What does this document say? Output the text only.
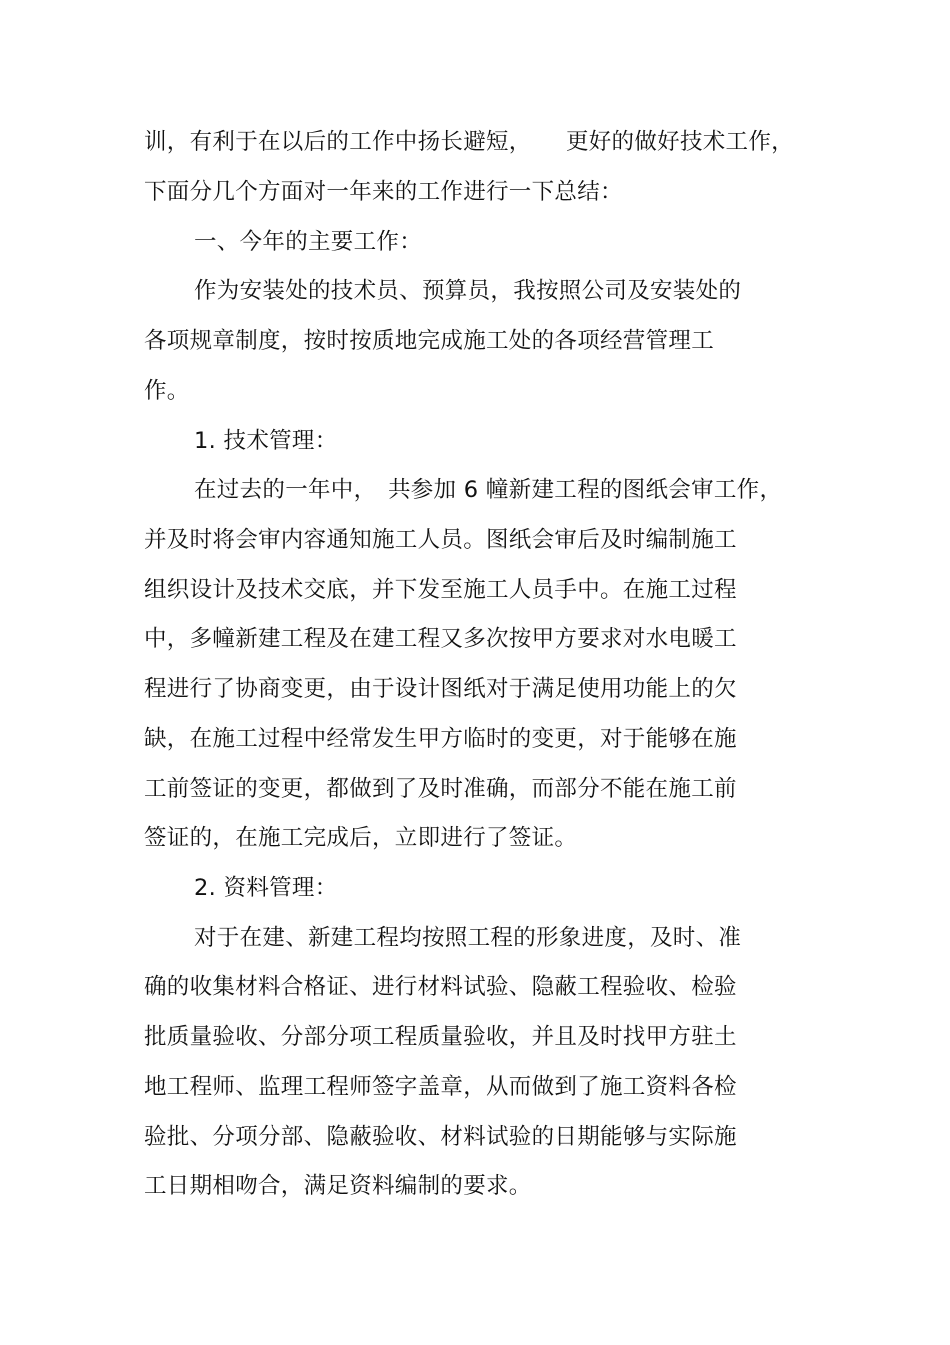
训，有利于在以后的工作中扬长避短，　　更好的做好技术工作，
下面分几个方面对一年来的工作进行一下总结：
一、今年的主要工作：
作为安装处的技术员、预算员，我按照公司及安装处的
各项规章制度，按时按质地完成施工处的各项经营管理工
作。
1. 技术管理：
在过去的一年中，　共参加 6 幢新建工程的图纸会审工作，
并及时将会审内容通知施工人员。图纸会审后及时编制施工
组织设计及技术交底，并下发至施工人员手中。在施工过程
中，多幢新建工程及在建工程又多次按甲方要求对水电暖工
程进行了协商变更，由于设计图纸对于满足使用功能上的欠
缺，在施工过程中经常发生甲方临时的变更，对于能够在施
工前签证的变更，都做到了及时准确，而部分不能在施工前
签证的，在施工完成后，立即进行了签证。
2. 资料管理：
对于在建、新建工程均按照工程的形象进度，及时、准
确的收集材料合格证、进行材料试验、隐蔽工程验收、检验
批质量验收、分部分项工程质量验收，并且及时找甲方驻土
地工程师、监理工程师签字盖章，从而做到了施工资料各检
验批、分项分部、隐蔽验收、材料试验的日期能够与实际施
工日期相吻合，满足资料编制的要求。
